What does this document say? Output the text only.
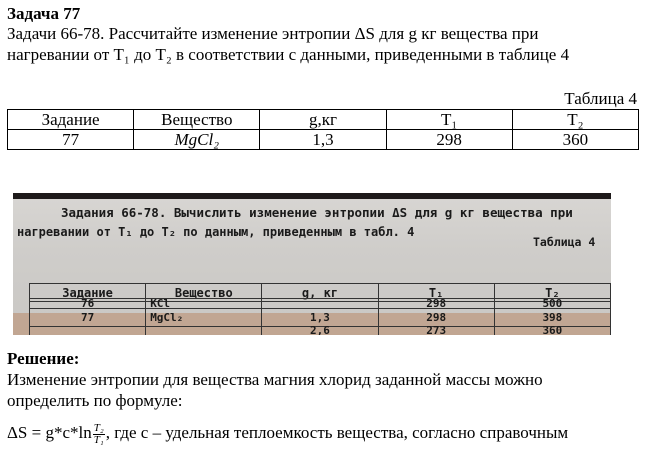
Задача 77
Задачи 66-78. Рассчитайте изменение энтропии ΔS для g кг вещества при
нагревании от T₁ до T₂ в соответствии с данными, приведенными в таблице 4
Таблица 4
Задание	Вещество	g,кг	T₁	T₂
77	MgCl₂	1,3	298	360
Задания 66-78. Вычислить изменение энтропии ΔS для g кг вещества при
нагревании от T₁ до T₂ по данным, приведенным в табл. 4
Таблица 4
Задание	Вещество	g, кг	T₁	T₂
76	KCl		298	500
77	MgCl₂	1,3	298	398
		2,6	273	360
Решение:
Изменение энтропии для вещества магния хлорид заданной массы можно
определить по формуле:
$\Delta S = g*c*\ln \frac{\text{T₂}}{\text{T₁}}$ , где c – удельная теплоемкость вещества, согласно справочным
